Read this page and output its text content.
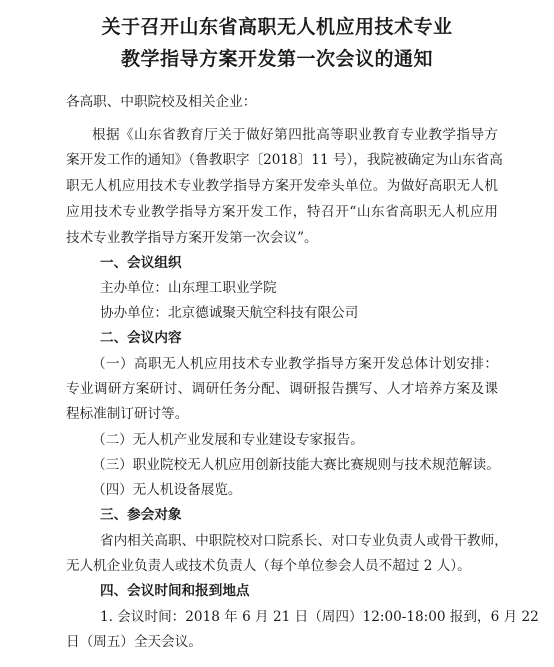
关于召开山东省高职无人机应用技术专业
教学指导方案开发第一次会议的通知
各高职、中职院校及相关企业：
根据《山东省教育厅关于做好第四批高等职业教育专业教学指导方
案开发工作的通知》（鲁教职字〔2018〕11 号），我院被确定为山东省高
职无人机应用技术专业教学指导方案开发牵头单位。为做好高职无人机
应用技术专业教学指导方案开发工作，特召开“山东省高职无人机应用
技术专业教学指导方案开发第一次会议”。
一、会议组织
主办单位：山东理工职业学院
协办单位：北京德诚聚天航空科技有限公司
二、会议内容
（一）高职无人机应用技术专业教学指导方案开发总体计划安排：
专业调研方案研讨、调研任务分配、调研报告撰写、人才培养方案及课
程标准制订研讨等。
（二）无人机产业发展和专业建设专家报告。
（三）职业院校无人机应用创新技能大赛比赛规则与技术规范解读。
（四）无人机设备展览。
三、参会对象
省内相关高职、中职院校对口院系长、对口专业负责人或骨干教师，
无人机企业负责人或技术负责人（每个单位参会人员不超过 2 人）。
四、会议时间和报到地点
1. 会议时间：2018 年 6 月 21 日（周四）12:00-18:00 报到，6 月 22
日（周五）全天会议。
